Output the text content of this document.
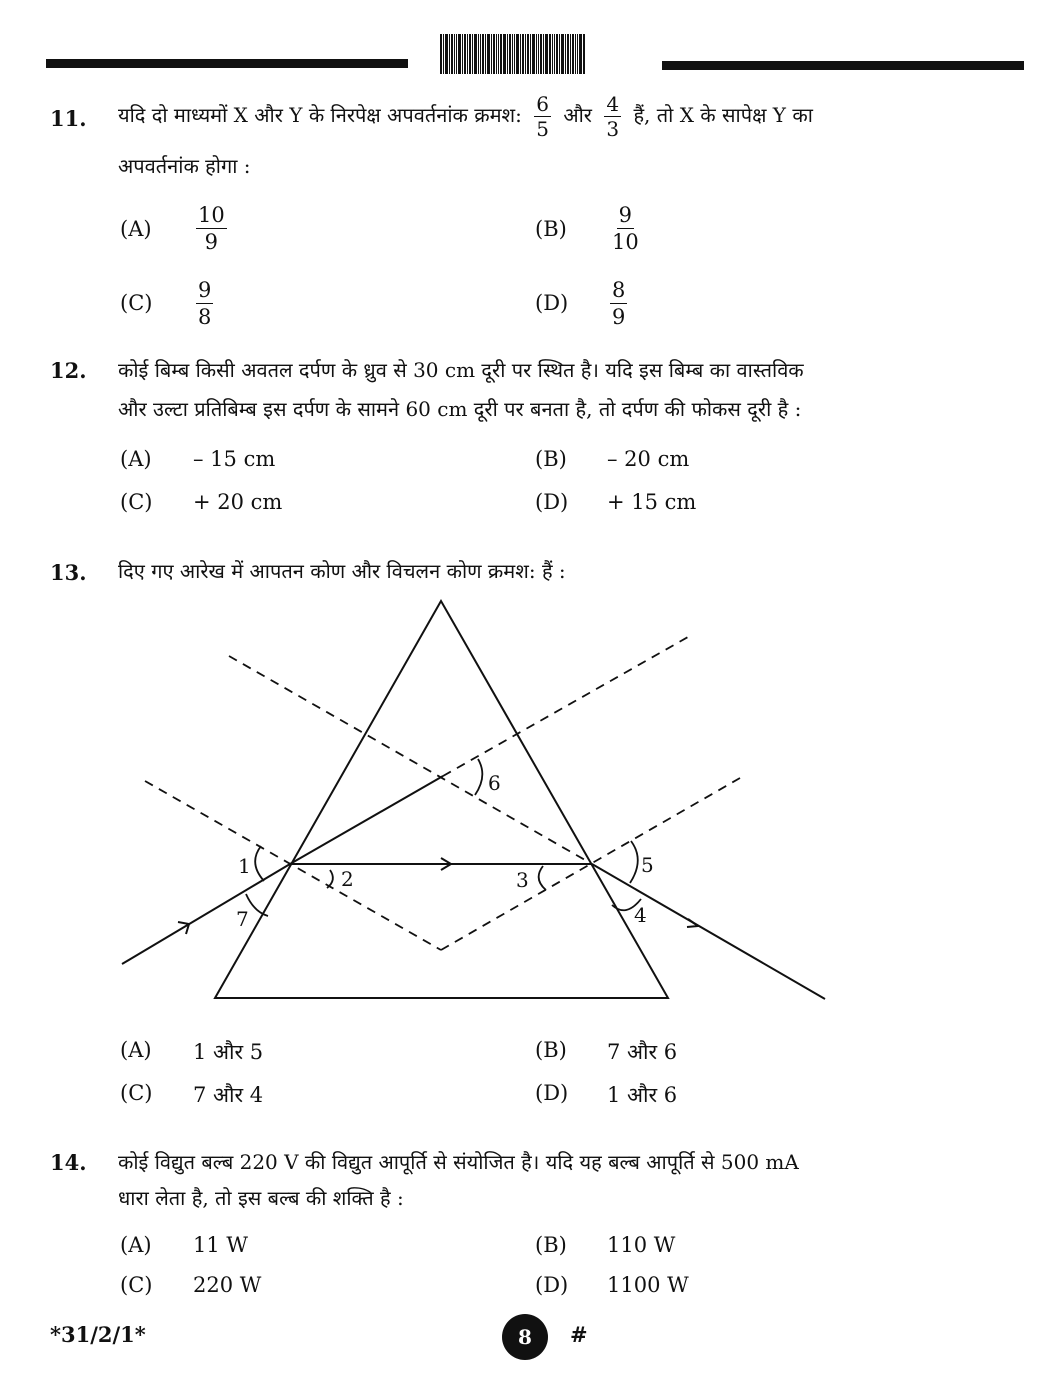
11. यदि दो माध्यमों X और Y के निरपेक्ष अपवर्तनांक क्रमश: $\frac{6}{5}$ और $\frac{4}{3}$ हैं, तो X के सापेक्ष Y का
अपवर्तनांक होगा :
$(A) \frac{10}{9}$	$(B) \frac{9}{10}$
$(C) \frac{9}{8}$	$(D) \frac{8}{9}$
12. कोई बिम्ब किसी अवतल दर्पण के ध्रुव से 30 cm दूरी पर स्थित है। यदि इस बिम्ब का वास्तविक
और उल्टा प्रतिबिम्ब इस दर्पण के सामने 60 cm दूरी पर बनता है, तो दर्पण की फोकस दूरी है :
(A) – 15 cm	(B) – 20 cm
(C) + 20 cm	(D) + 15 cm
13. दिए गए आरेख में आपतन कोण और विचलन कोण क्रमश: हैं :
1
2	3
4
5
6
7
(A) 1 और 5	(B) 7 और 6
(C) 7 और 4	(D) 1 और 6
14. कोई विद्युत बल्ब 220 V की विद्युत आपूर्ति से संयोजित है। यदि यह बल्ब आपूर्ति से 500 mA
धारा लेता है, तो इस बल्ब की शक्ति है :
(A) 11 W	(B) 110 W
(C) 220 W	(D) 1100 W
*31/2/1*	8 #
